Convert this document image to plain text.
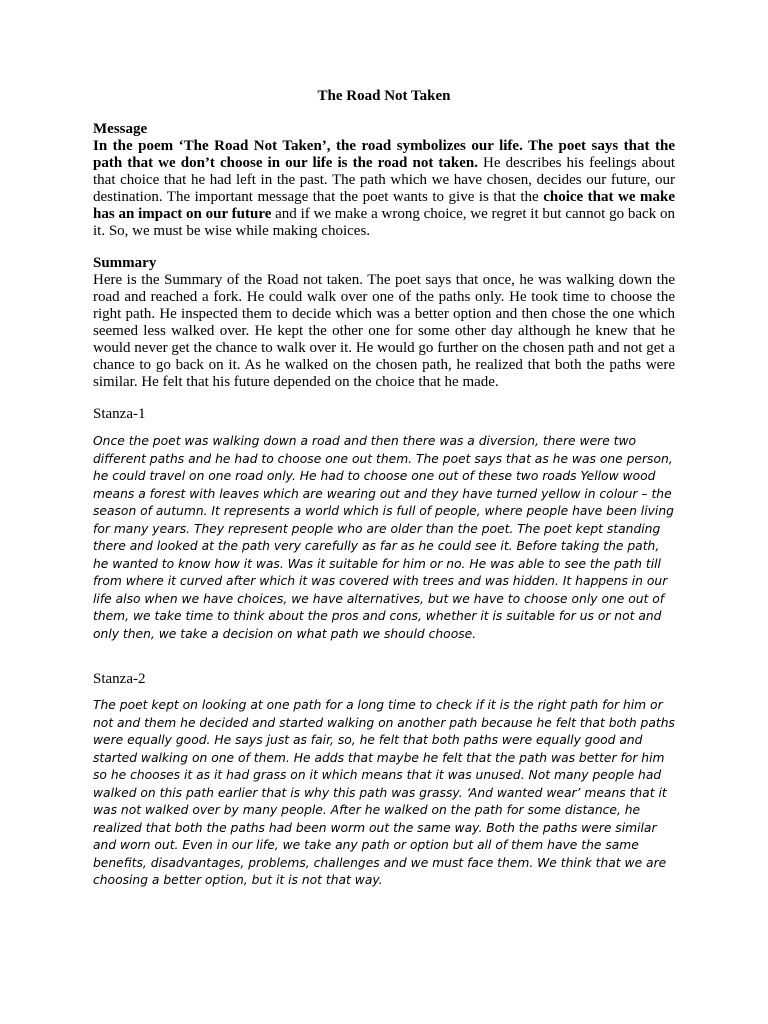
The Road Not Taken

Message

In the poem ‘The Road Not Taken’, the road symbolizes our life. The poet says that the path that we don’t choose in our life is the road not taken. He describes his feelings about that choice that he had left in the past. The path which we have chosen, decides our future, our destination. The important message that the poet wants to give is that the choice that we make has an impact on our future and if we make a wrong choice, we regret it but cannot go back on it. So, we must be wise while making choices.

Summary

Here is the Summary of the Road not taken. The poet says that once, he was walking down the road and reached a fork. He could walk over one of the paths only. He took time to choose the right path. He inspected them to decide which was a better option and then chose the one which seemed less walked over. He kept the other one for some other day although he knew that he would never get the chance to walk over it. He would go further on the chosen path and not get a chance to go back on it. As he walked on the chosen path, he realized that both the paths were similar. He felt that his future depended on the choice that he made.

Stanza-1

Once the poet was walking down a road and then there was a diversion, there were two different paths and he had to choose one out them. The poet says that as he was one person, he could travel on one road only. He had to choose one out of these two roads Yellow wood means a forest with leaves which are wearing out and they have turned yellow in colour – the season of autumn. It represents a world which is full of people, where people have been living for many years. They represent people who are older than the poet. The poet kept standing there and looked at the path very carefully as far as he could see it. Before taking the path, he wanted to know how it was. Was it suitable for him or no. He was able to see the path till from where it curved after which it was covered with trees and was hidden. It happens in our life also when we have choices, we have alternatives, but we have to choose only one out of them, we take time to think about the pros and cons, whether it is suitable for us or not and only then, we take a decision on what path we should choose.

Stanza-2

The poet kept on looking at one path for a long time to check if it is the right path for him or not and them he decided and started walking on another path because he felt that both paths were equally good. He says just as fair, so, he felt that both paths were equally good and started walking on one of them. He adds that maybe he felt that the path was better for him so he chooses it as it had grass on it which means that it was unused. Not many people had walked on this path earlier that is why this path was grassy. ‘And wanted wear’ means that it was not walked over by many people. After he walked on the path for some distance, he realized that both the paths had been worm out the same way. Both the paths were similar and worn out. Even in our life, we take any path or option but all of them have the same benefits, disadvantages, problems, challenges and we must face them. We think that we are choosing a better option, but it is not that way.
